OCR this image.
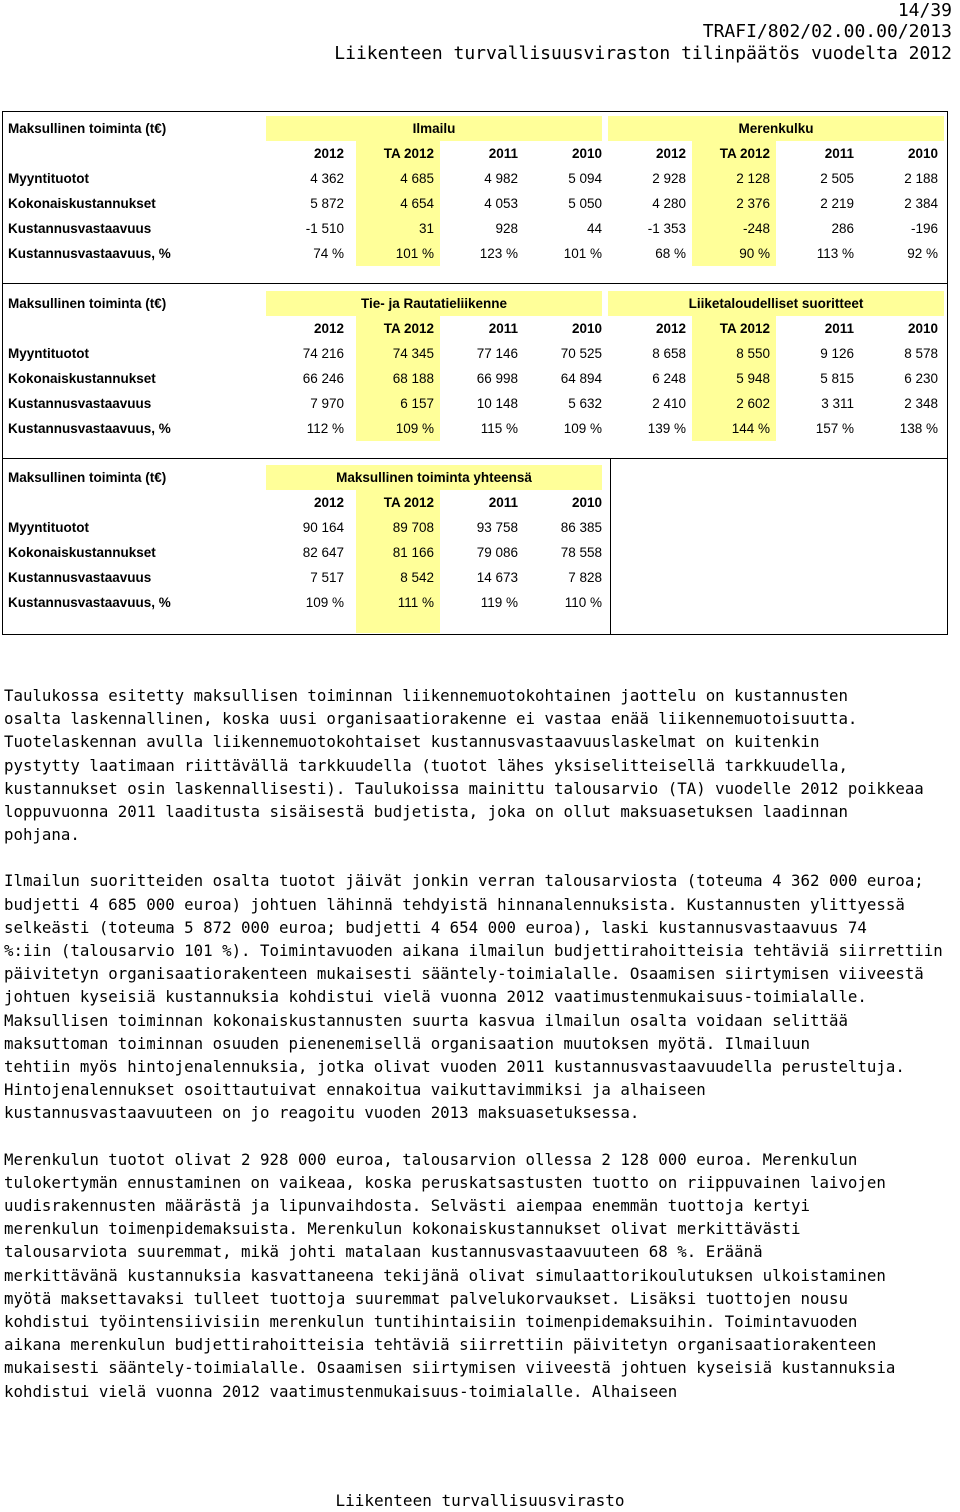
14/39
TRAFI/802/02.00.00/2013
Liikenteen turvallisuusviraston tilinpäätös vuodelta 2012
Maksullinen toiminta (t€)	Ilmailu	Merenkulku
2012	TA 2012	2011	2010	2012	TA 2012	2011	2010
Myyntituotot	4 362	4 685	4 982	5 094	2 928	2 128	2 505	2 188
Kokonaiskustannukset	5 872	4 654	4 053	5 050	4 280	2 376	2 219	2 384
Kustannusvastaavuus	-1 510	31	928	44	-1 353	-248	286	-196
Kustannusvastaavuus, %	74 %	101 %	123 %	101 %	68 %	90 %	113 %	92 %
Maksullinen toiminta (t€)	Tie- ja Rautatieliikenne	Liiketaloudelliset suoritteet
2012	TA 2012	2011	2010	2012	TA 2012	2011	2010
Myyntituotot	74 216	74 345	77 146	70 525	8 658	8 550	9 126	8 578
Kokonaiskustannukset	66 246	68 188	66 998	64 894	6 248	5 948	5 815	6 230
Kustannusvastaavuus	7 970	6 157	10 148	5 632	2 410	2 602	3 311	2 348
Kustannusvastaavuus, %	112 %	109 %	115 %	109 %	139 %	144 %	157 %	138 %
Maksullinen toiminta (t€)	Maksullinen toiminta yhteensä
2012	TA 2012	2011	2010
Myyntituotot	90 164	89 708	93 758	86 385
Kokonaiskustannukset	82 647	81 166	79 086	78 558
Kustannusvastaavuus	7 517	8 542	14 673	7 828
Kustannusvastaavuus, %	109 %	111 %	119 %	110 %

Taulukossa esitetty maksullisen toiminnan liikennemuotokohtainen jaottelu on kustannusten

osalta laskennallinen, koska uusi organisaatiorakenne ei vastaa enää liikennemuotoisuutta.

Tuotelaskennan avulla liikennemuotokohtaiset kustannusvastaavuuslaskelmat on kuitenkin

pystytty laatimaan riittävällä tarkkuudella (tuotot lähes yksiselitteisellä tarkkuudella,

kustannukset osin laskennallisesti). Taulukoissa mainittu talousarvio (TA) vuodelle 2012 poikkeaa

loppuvuonna 2011 laaditusta sisäisestä budjetista, joka on ollut maksuasetuksen laadinnan

pohjana.

Ilmailun suoritteiden osalta tuotot jäivät jonkin verran talousarviosta (toteuma 4 362 000 euroa;

budjetti 4 685 000 euroa) johtuen lähinnä tehdyistä hinnanalennuksista. Kustannusten ylittyessä

selkeästi (toteuma 5 872 000 euroa; budjetti 4 654 000 euroa), laski kustannusvastaavuus 74

%:iin (talousarvio 101 %). Toimintavuoden aikana ilmailun budjettirahoitteisia tehtäviä siirrettiin

päivitetyn organisaatiorakenteen mukaisesti sääntely-toimialalle. Osaamisen siirtymisen viiveestä

johtuen kyseisiä kustannuksia kohdistui vielä vuonna 2012 vaatimustenmukaisuus-toimialalle.

Maksullisen toiminnan kokonaiskustannusten suurta kasvua ilmailun osalta voidaan selittää

maksuttoman toiminnan osuuden pienenemisellä organisaation muutoksen myötä. Ilmailuun

tehtiin myös hintojenalennuksia, jotka olivat vuoden 2011 kustannusvastaavuudella perusteltuja.

Hintojenalennukset osoittautuivat ennakoitua vaikuttavimmiksi ja alhaiseen

kustannusvastaavuuteen on jo reagoitu vuoden 2013 maksuasetuksessa.

Merenkulun tuotot olivat 2 928 000 euroa, talousarvion ollessa 2 128 000 euroa. Merenkulun

tulokertymän ennustaminen on vaikeaa, koska peruskatsastusten tuotto on riippuvainen laivojen

uudisrakennusten määrästä ja lipunvaihdosta. Selvästi aiempaa enemmän tuottoja kertyi

merenkulun toimenpidemaksuista. Merenkulun kokonaiskustannukset olivat merkittävästi

talousarviota suuremmat, mikä johti matalaan kustannusvastaavuuteen 68 %. Eräänä

merkittävänä kustannuksia kasvattaneena tekijänä olivat simulaattorikoulutuksen ulkoistaminen

myötä maksettavaksi tulleet tuottoja suuremmat palvelukorvaukset. Lisäksi tuottojen nousu

kohdistui työintensiivisiin merenkulun tuntihintaisiin toimenpidemaksuihin. Toimintavuoden

aikana merenkulun budjettirahoitteisia tehtäviä siirrettiin päivitetyn organisaatiorakenteen

mukaisesti sääntely-toimialalle. Osaamisen siirtymisen viiveestä johtuen kyseisiä kustannuksia

kohdistui vielä vuonna 2012 vaatimustenmukaisuus-toimialalle. Alhaiseen

Liikenteen turvallisuusvirasto
